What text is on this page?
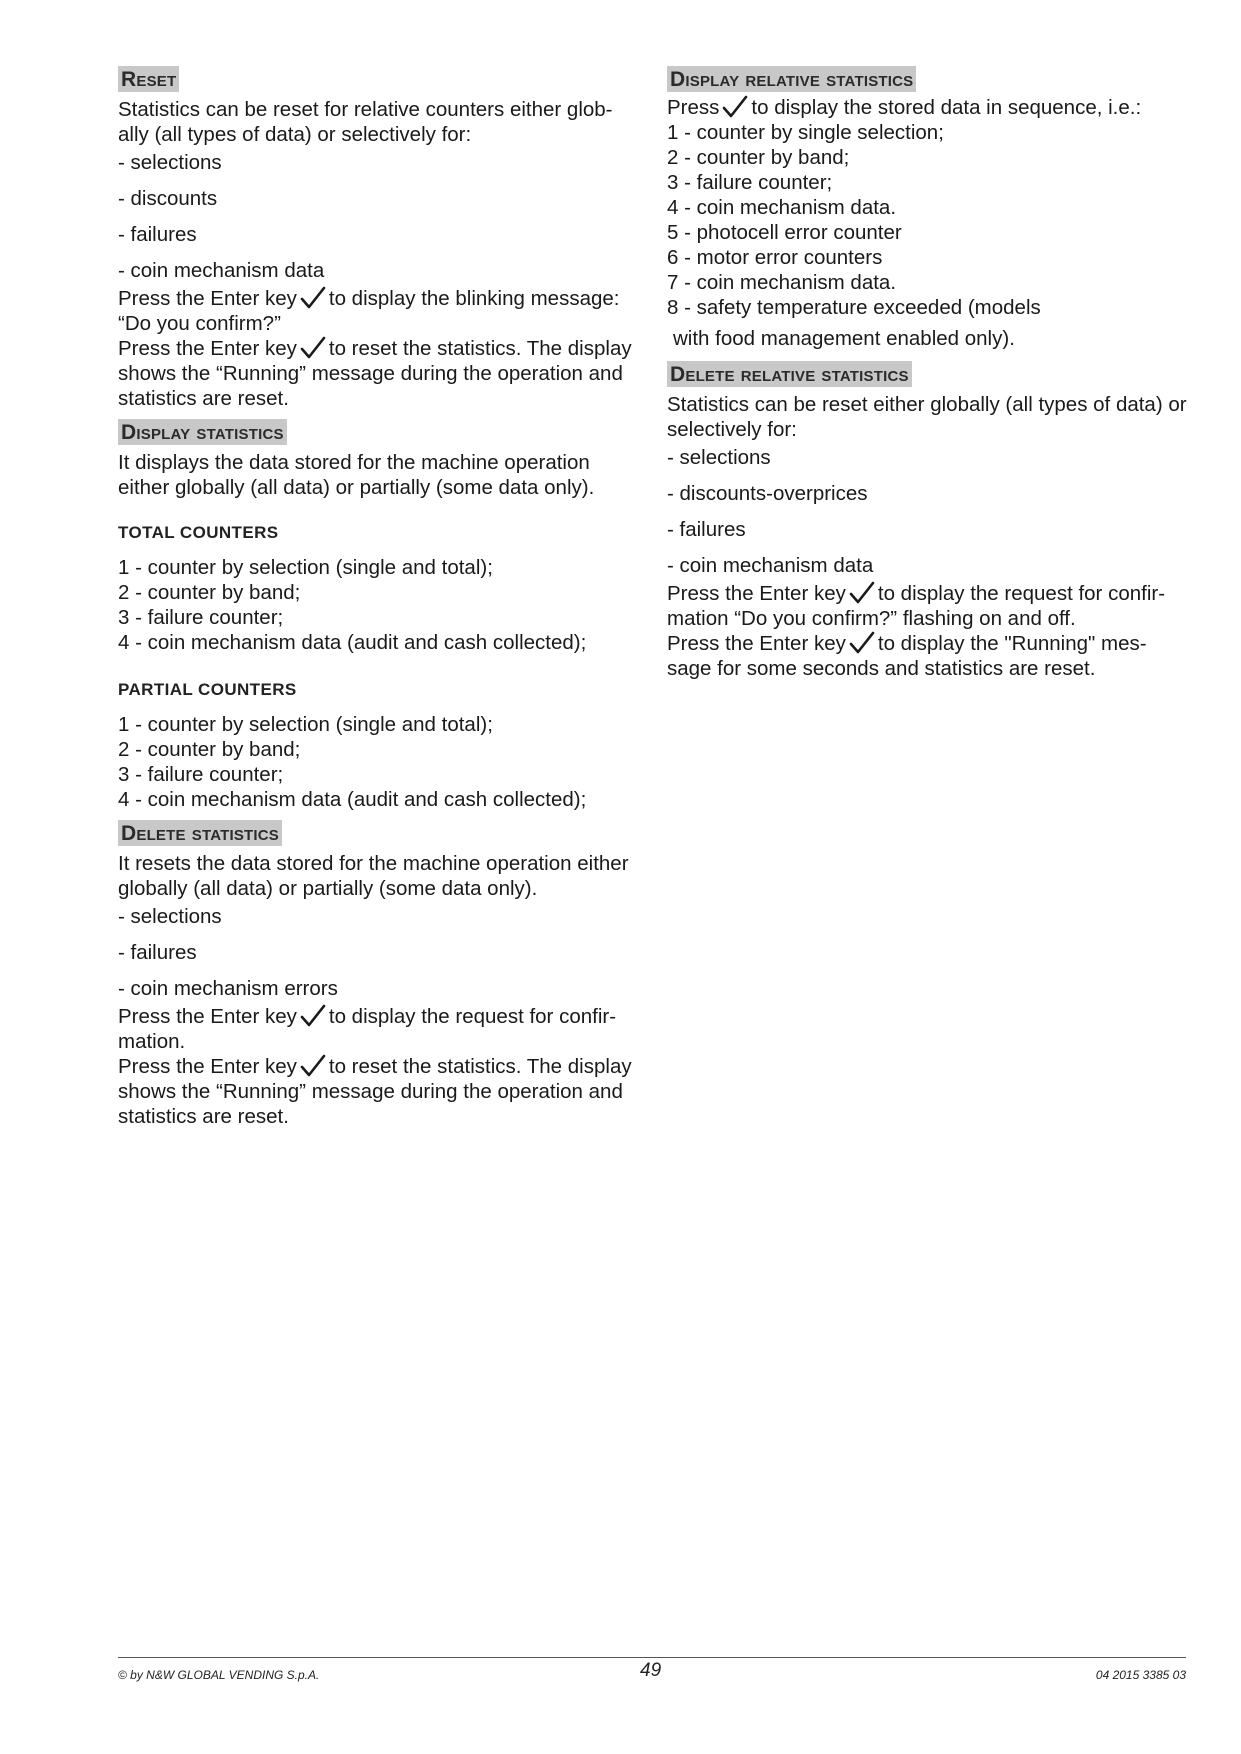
Reset

Statistics can be reset for relative counters either glob-ally (all types of data) or selectively for:

- selections
- discounts
- failures
- coin mechanism data

Press the Enter key to display the blinking message: “Do you confirm?”

Press the Enter key to reset the statistics. The display shows the “Running” message during the operation and statistics are reset.

Display statistics

It displays the data stored for the machine operation either globally (all data) or partially (some data only).

TOTAL COUNTERS
1 - counter by selection (single and total);
2 - counter by band;
3 - failure counter;
4 - coin mechanism data (audit and cash collected);
PARTIAL COUNTERS
1 - counter by selection (single and total);
2 - counter by band;
3 - failure counter;
4 - coin mechanism data (audit and cash collected);
Delete statistics

It resets the data stored for the machine operation either globally (all data) or partially (some data only).

- selections
- failures
- coin mechanism errors

Press the Enter key to display the request for confir-mation.

Press the Enter key to reset the statistics. The display shows the “Running” message during the operation and statistics are reset.

Display relative statistics

Press to display the stored data in sequence, i.e.:

1 - counter by single selection;
2 - counter by band;
3 - failure counter;
4 - coin mechanism data.
5 - photocell error counter
6 - motor error counters
7 - coin mechanism data.
8 - safety temperature exceeded (models
with food management enabled only).
Delete relative statistics

Statistics can be reset either globally (all types of data) or selectively for:

- selections
- discounts-overprices
- failures
- coin mechanism data

Press the Enter key to display the request for confir-mation “Do you confirm?” flashing on and off.

Press the Enter key to display the "Running" mes-sage for some seconds and statistics are reset.

© by N&W GLOBAL VENDING S.p.A.	49	04 2015 3385 03
